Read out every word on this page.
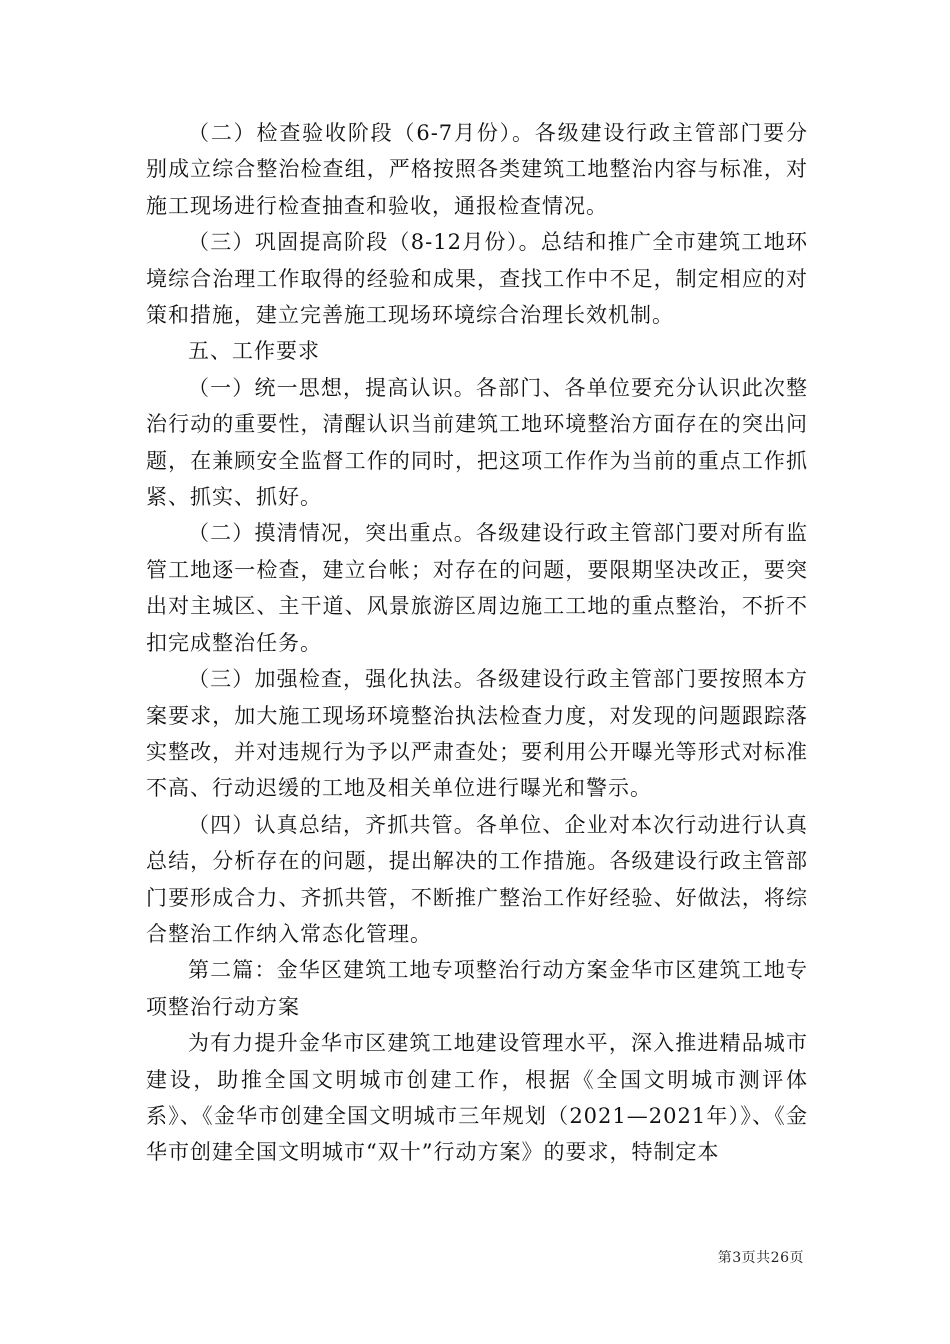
（二）检查验收阶段（6-7月份）。各级建设行政主管部门要分别成立综合整治检查组，严格按照各类建筑工地整治内容与标准，对施工现场进行检查抽查和验收，通报检查情况。

（三）巩固提高阶段（8-12月份）。总结和推广全市建筑工地环境综合治理工作取得的经验和成果，查找工作中不足，制定相应的对策和措施，建立完善施工现场环境综合治理长效机制。

五、工作要求

（一）统一思想，提高认识。各部门、各单位要充分认识此次整治行动的重要性，清醒认识当前建筑工地环境整治方面存在的突出问题，在兼顾安全监督工作的同时，把这项工作作为当前的重点工作抓紧、抓实、抓好。

（二）摸清情况，突出重点。各级建设行政主管部门要对所有监管工地逐一检查，建立台帐；对存在的问题，要限期坚决改正，要突出对主城区、主干道、风景旅游区周边施工工地的重点整治，不折不扣完成整治任务。

（三）加强检查，强化执法。各级建设行政主管部门要按照本方案要求，加大施工现场环境整治执法检查力度，对发现的问题跟踪落实整改，并对违规行为予以严肃查处；要利用公开曝光等形式对标准不高、行动迟缓的工地及相关单位进行曝光和警示。

（四）认真总结，齐抓共管。各单位、企业对本次行动进行认真总结，分析存在的问题，提出解决的工作措施。各级建设行政主管部门要形成合力、齐抓共管，不断推广整治工作好经验、好做法，将综合整治工作纳入常态化管理。

第二篇：金华区建筑工地专项整治行动方案金华市区建筑工地专项整治行动方案

为有力提升金华市区建筑工地建设管理水平，深入推进精品城市建设，助推全国文明城市创建工作，根据《全国文明城市测评体系》、《金华市创建全国文明城市三年规划（2021—2021年）》、《金华市创建全国文明城市“双十”行动方案》的要求，特制定本

第3页共26页
